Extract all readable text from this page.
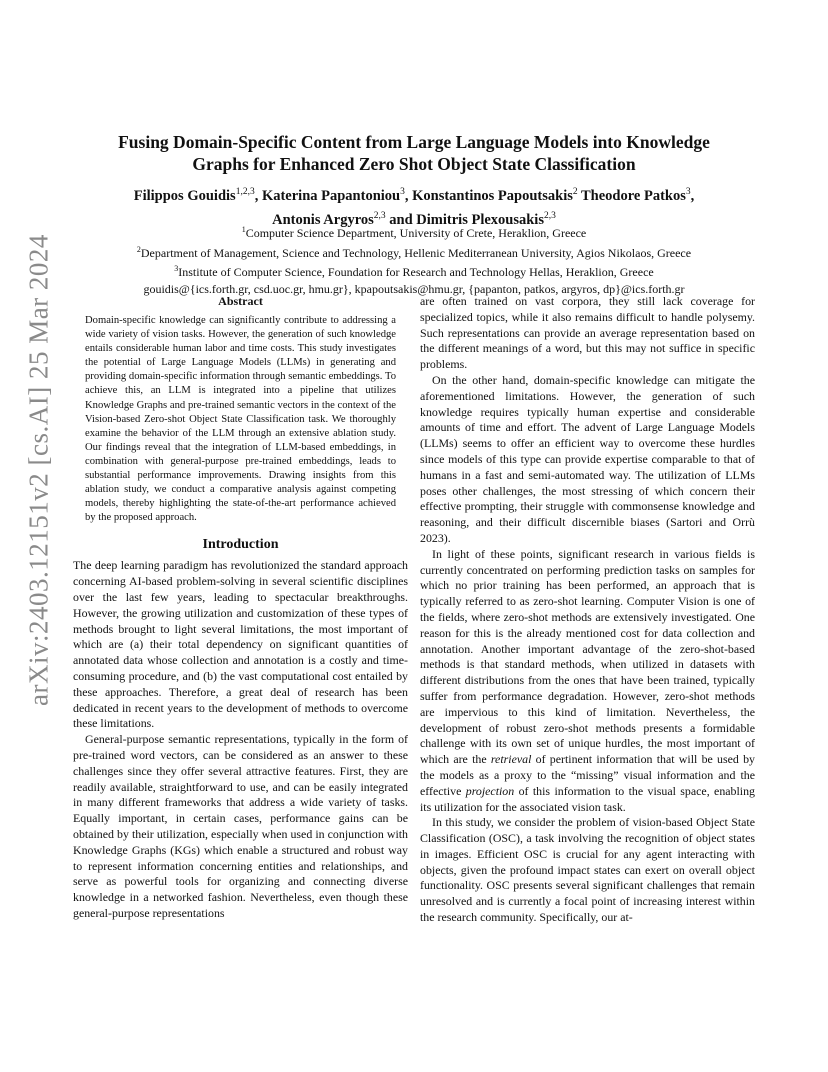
arXiv:2403.12151v2 [cs.AI] 25 Mar 2024
Fusing Domain-Specific Content from Large Language Models into Knowledge
Graphs for Enhanced Zero Shot Object State Classification
Filippos Gouidis$^{1,2,3}$, Katerina Papantoniou$^3$, Konstantinos Papoutsakis$^2$ Theodore Patkos$^3$,
Antonis Argyros$^{2,3}$ and Dimitris Plexousakis$^{2,3}$
$^1$Computer Science Department, University of Crete, Heraklion, Greece
$^2$Department of Management, Science and Technology, Hellenic Mediterranean University, Agios Nikolaos, Greece
$^3$Institute of Computer Science, Foundation for Research and Technology Hellas, Heraklion, Greece
gouidis@{ics.forth.gr, csd.uoc.gr, hmu.gr}, kpapoutsakis@hmu.gr, {papanton, patkos, argyros, dp}@ics.forth.gr
Abstract

Domain-specific knowledge can significantly contribute to addressing a wide variety of vision tasks. However, the generation of such knowledge entails considerable human labor and time costs. This study investigates the potential of Large Language Models (LLMs) in generating and providing domain-specific information through semantic embeddings. To achieve this, an LLM is integrated into a pipeline that utilizes Knowledge Graphs and pre-trained semantic vectors in the context of the Vision-based Zero-shot Object State Classification task. We thoroughly examine the behavior of the LLM through an extensive ablation study. Our findings reveal that the integration of LLM-based embeddings, in combination with general-purpose pre-trained embeddings, leads to substantial performance improvements. Drawing insights from this ablation study, we conduct a comparative analysis against competing models, thereby highlighting the state-of-the-art performance achieved by the proposed approach.

Introduction

The deep learning paradigm has revolutionized the standard approach concerning AI-based problem-solving in several scientific disciplines over the last few years, leading to spectacular breakthroughs. However, the growing utilization and customization of these types of methods brought to light several limitations, the most important of which are (a) their total dependency on significant quantities of annotated data whose collection and annotation is a costly and time-consuming procedure, and (b) the vast computational cost entailed by these approaches. Therefore, a great deal of research has been dedicated in recent years to the development of methods to overcome these limitations.

General-purpose semantic representations, typically in the form of pre-trained word vectors, can be considered as an answer to these challenges since they offer several attractive features. First, they are readily available, straightforward to use, and can be easily integrated in many different frameworks that address a wide variety of tasks. Equally important, in certain cases, performance gains can be obtained by their utilization, especially when used in conjunction with Knowledge Graphs (KGs) which enable a structured and robust way to represent information concerning entities and relationships, and serve as powerful tools for organizing and connecting diverse knowledge in a networked fashion. Nevertheless, even though these general-purpose representations

are often trained on vast corpora, they still lack coverage for specialized topics, while it also remains difficult to handle polysemy. Such representations can provide an average representation based on the different meanings of a word, but this may not suffice in specific problems.

On the other hand, domain-specific knowledge can mitigate the aforementioned limitations. However, the generation of such knowledge requires typically human expertise and considerable amounts of time and effort. The advent of Large Language Models (LLMs) seems to offer an efficient way to overcome these hurdles since models of this type can provide expertise comparable to that of humans in a fast and semi-automated way. The utilization of LLMs poses other challenges, the most stressing of which concern their effective prompting, their struggle with commonsense knowledge and reasoning, and their difficult discernible biases (Sartori and Orrù 2023).

In light of these points, significant research in various fields is currently concentrated on performing prediction tasks on samples for which no prior training has been performed, an approach that is typically referred to as zero-shot learning. Computer Vision is one of the fields, where zero-shot methods are extensively investigated. One reason for this is the already mentioned cost for data collection and annotation. Another important advantage of the zero-shot-based methods is that standard methods, when utilized in datasets with different distributions from the ones that have been trained, typically suffer from performance degradation. However, zero-shot methods are impervious to this kind of limitation. Nevertheless, the development of robust zero-shot methods presents a formidable challenge with its own set of unique hurdles, the most important of which are the retrieval of pertinent information that will be used by the models as a proxy to the “missing” visual information and the effective projection of this information to the visual space, enabling its utilization for the associated vision task.

In this study, we consider the problem of vision-based Object State Classification (OSC), a task involving the recognition of object states in images. Efficient OSC is crucial for any agent interacting with objects, given the profound impact states can exert on overall object functionality. OSC presents several significant challenges that remain unresolved and is currently a focal point of increasing interest within the research community. Specifically, our at-
